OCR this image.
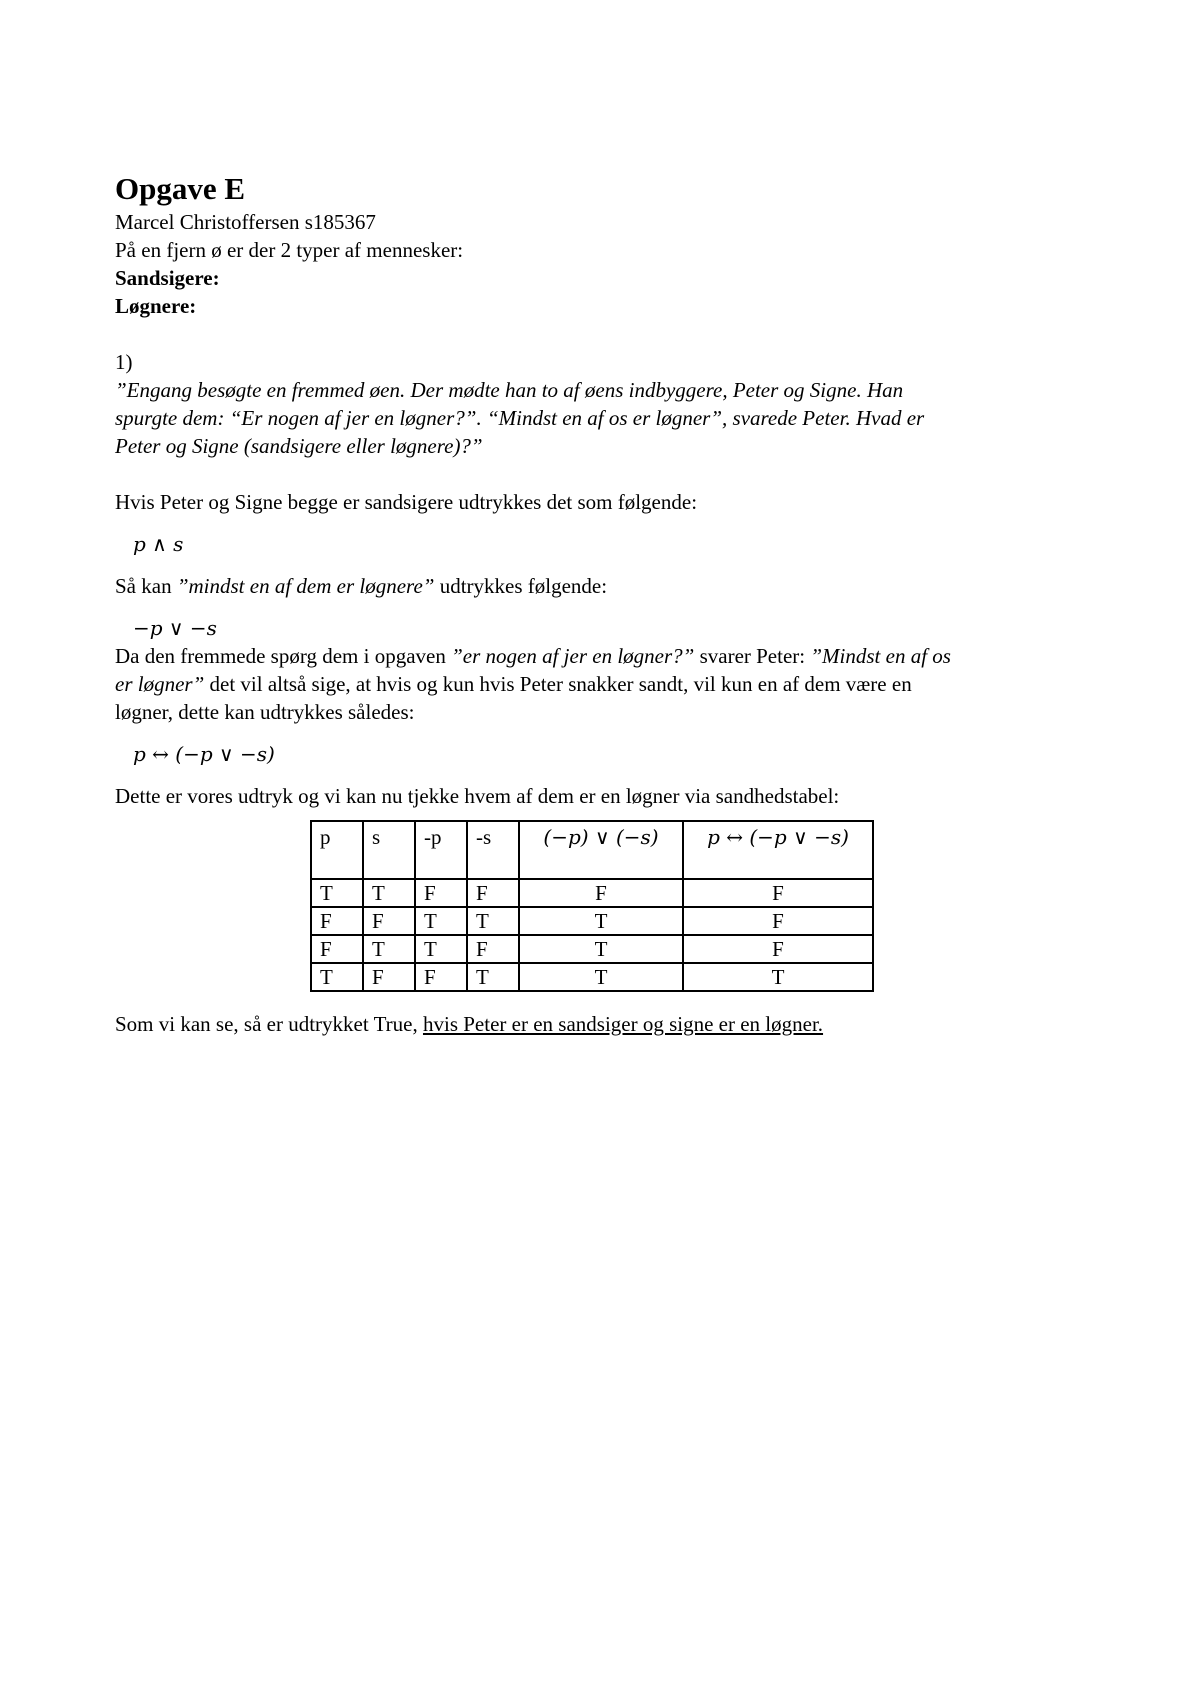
Opgave E

Marcel Christoffersen s185367

På en fjern ø er der 2 typer af mennesker:

Sandsigere:

Løgnere:

1)

”Engang besøgte en fremmed øen. Der mødte han to af øens indbyggere, Peter og Signe. Han

spurgte dem: “Er nogen af jer en løgner?”. “Mindst en af os er løgner”, svarede Peter. Hvad er

Peter og Signe (sandsigere eller løgnere)?”

Hvis Peter og Signe begge er sandsigere udtrykkes det som følgende:

p ∧ s

Så kan ”mindst en af dem er løgnere” udtrykkes følgende:

−p ∨ −s

Da den fremmede spørg dem i opgaven ”er nogen af jer en løgner?” svarer Peter: ”Mindst en af os

er løgner” det vil altså sige, at hvis og kun hvis Peter snakker sandt, vil kun en af dem være en

løgner, dette kan udtrykkes således:

p ↔ (−p ∨ −s)

Dette er vores udtryk og vi kan nu tjekke hvem af dem er en løgner via sandhedstabel:

p	s	-p	-s	(−p) ∨ (−s)	p ↔ (−p ∨ −s)
T	T	F	F	F	F
F	F	T	T	T	F
F	T	T	F	T	F
T	F	F	T	T	T

Som vi kan se, så er udtrykket True, hvis Peter er en sandsiger og signe er en løgner.
